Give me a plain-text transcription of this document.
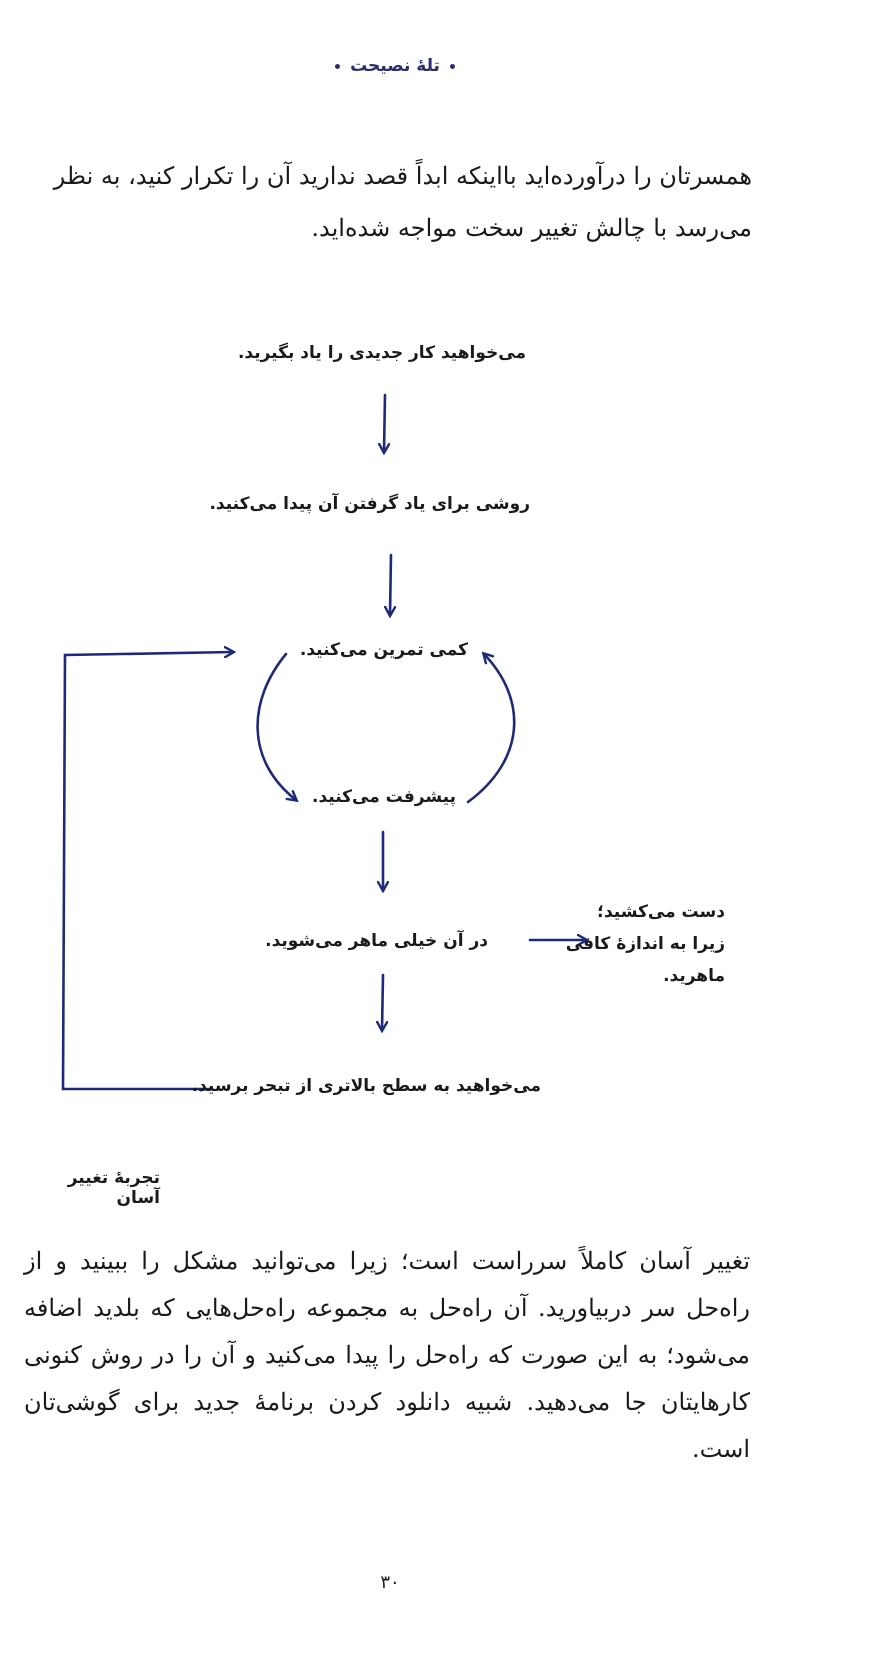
تلهٔ نصیحت
همسرتان را درآورده‌اید بااینکه ابداً قصد ندارید آن را تکرار کنید، به نظر می‌رسد با چالش تغییر سخت مواجه شده‌اید.
می‌خواهید کار جدیدی را یاد بگیرید.
روشی برای یاد گرفتن آن پیدا می‌کنید.
کمی تمرین می‌کنید.
پیشرفت می‌کنید.
در آن خیلی ماهر می‌شوید.
می‌خواهید به سطح بالاتری از تبحر برسید.
دست می‌کشید؛
زیرا به اندازهٔ کافی
ماهرید.
تجربهٔ تغییر آسان
تغییر آسان کاملاً سرراست است؛ زیرا می‌توانید مشکل را ببینید و از راه‌حل سر دربیاورید. آن راه‌حل به مجموعه راه‌حل‌هایی که بلدید اضافه می‌شود؛ به این صورت که راه‌حل را پیدا می‌کنید و آن را در روش کنونی کارهایتان جا می‌دهید. شبیه دانلود کردن برنامهٔ جدید برای گوشی‌تان است.
۳۰
